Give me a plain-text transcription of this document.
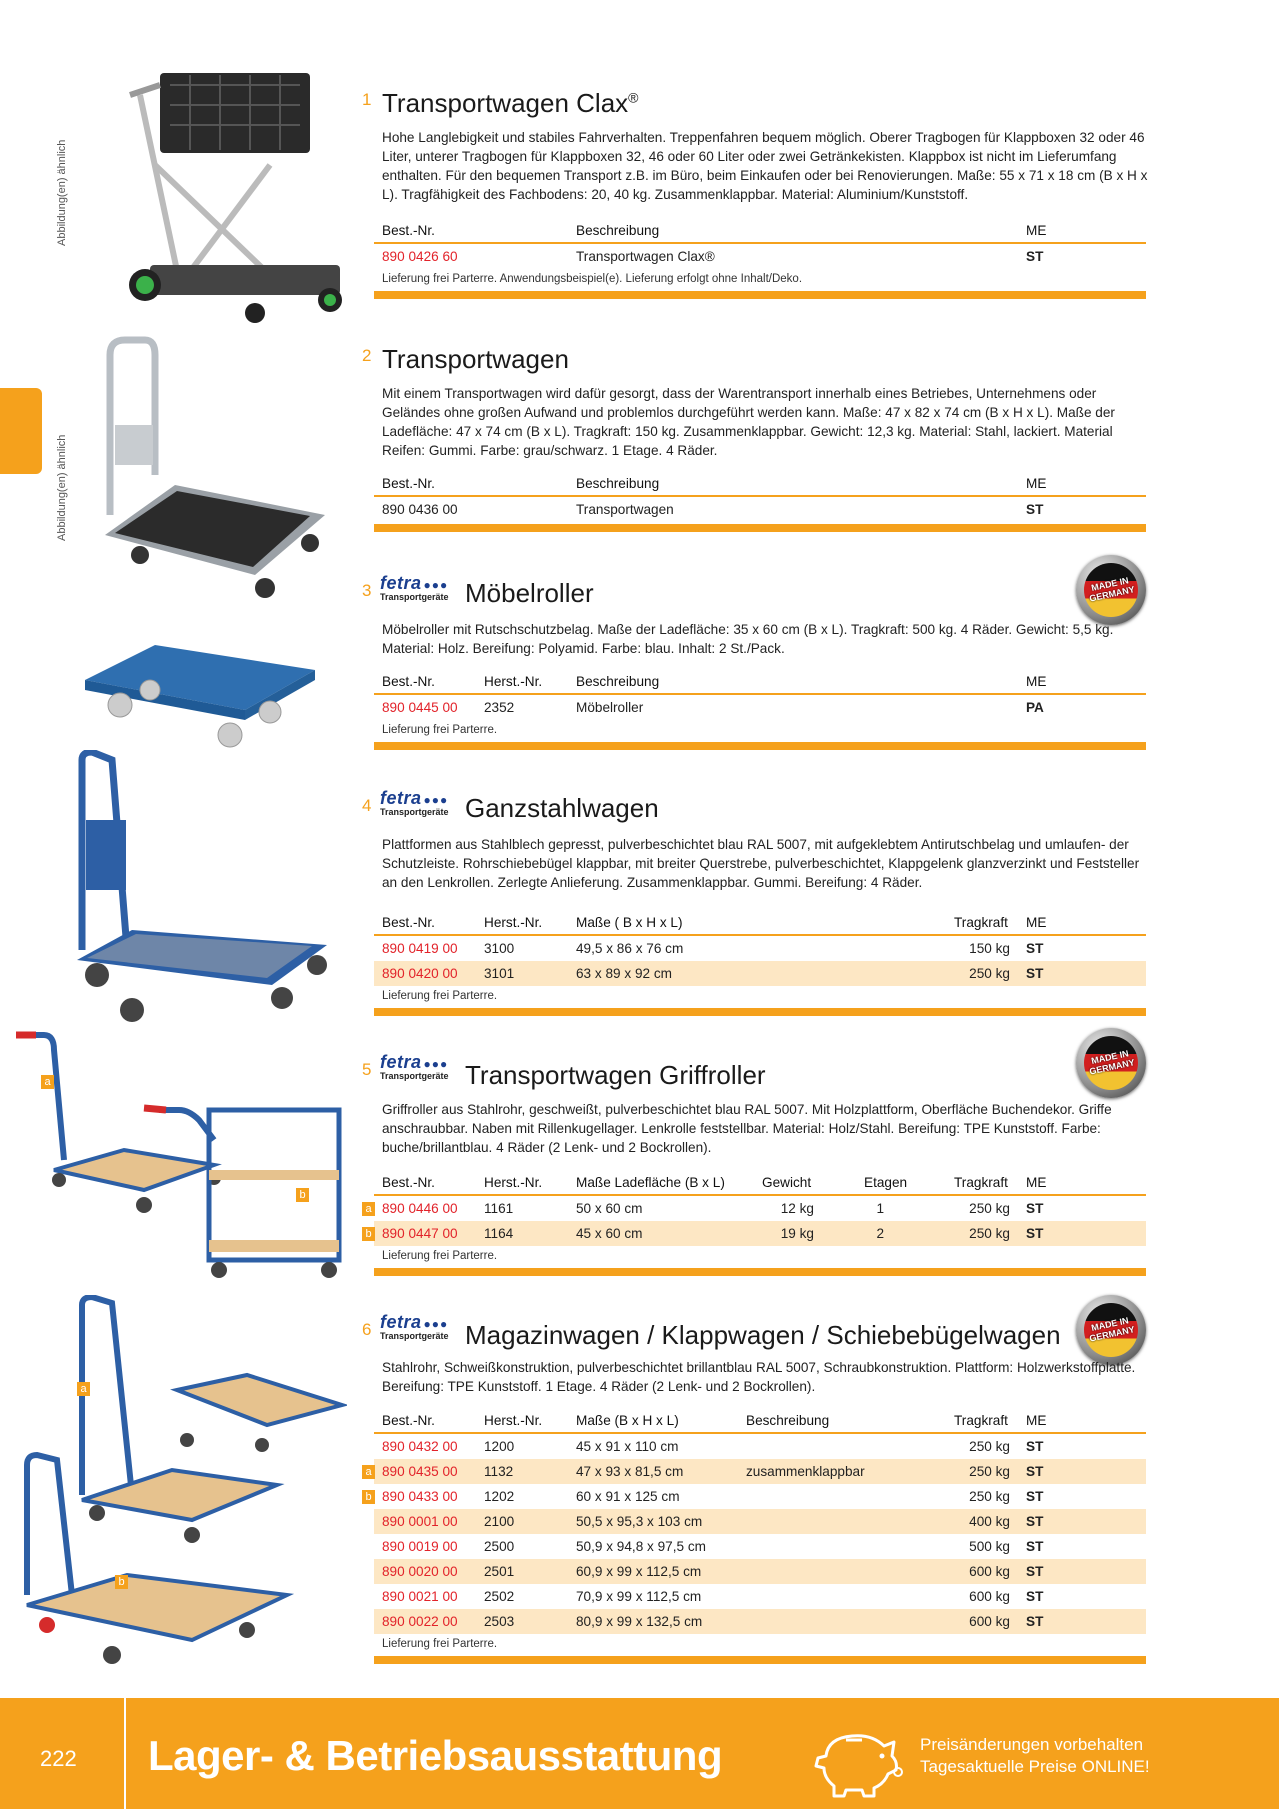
Abbildung(en) ähnlich
Abbildung(en) ähnlich
a
b
a
b
MADE IN GERMANY
MADE IN GERMANY
MADE IN GERMANY
1 Transportwagen Clax®
Hohe Langlebigkeit und stabiles Fahrverhalten. Treppenfahren bequem möglich. Oberer Tragbogen für Klappboxen 32 oder 46 Liter, unterer Tragbogen für Klappboxen 32, 46 oder 60 Liter oder zwei Getränkekisten. Klappbox ist nicht im Lieferumfang enthalten. Für den bequemen Transport z.B. im Büro, beim Einkaufen oder bei Renovierungen. Maße: 55 x 71 x 18 cm (B x H x L). Tragfähigkeit des Fachbodens: 20, 40 kg. Zusammenklappbar. Material: Aluminium/Kunststoff.
Best.-Nr.	Beschreibung	ME
890 0426 60	Transportwagen Clax®	ST
Lieferung frei Parterre. Anwendungsbeispiel(e). Lieferung erfolgt ohne Inhalt/Deko.
2 Transportwagen
Mit einem Transportwagen wird dafür gesorgt, dass der Warentransport innerhalb eines Betriebes, Unternehmens oder Geländes ohne großen Aufwand und problemlos durchgeführt werden kann. Maße: 47 x 82 x 74 cm (B x H x L). Maße der Ladefläche: 47 x 74 cm (B x L). Tragkraft: 150 kg. Zusammenklappbar. Gewicht: 12,3 kg. Material: Stahl, lackiert. Material Reifen: Gummi. Farbe: grau/schwarz. 1 Etage. 4 Räder.
Best.-Nr.	Beschreibung	ME
890 0436 00	Transportwagen	ST
3 fetra ●●●
Transportgeräte Möbelroller
Möbelroller mit Rutschschutzbelag. Maße der Ladefläche: 35 x 60 cm (B x L). Tragkraft: 500 kg. 4 Räder. Gewicht: 5,5 kg. Material: Holz. Bereifung: Polyamid. Farbe: blau. Inhalt: 2 St./Pack.
Best.-Nr.	Herst.-Nr. Beschreibung	ME
890 0445 00 2352	Möbelroller	PA
Lieferung frei Parterre.
4 fetra ●●●
Transportgeräte Ganzstahlwagen
Plattformen aus Stahlblech gepresst, pulverbeschichtet blau RAL 5007, mit aufgeklebtem Antirutschbelag und umlaufen- der Schutzleiste. Rohrschiebebügel klappbar, mit breiter Querstrebe, pulverbeschichtet, Klappgelenk glanzverzinkt und Feststeller an den Lenkrollen. Zerlegte Anlieferung. Zusammenklappbar. Gummi. Bereifung: 4 Räder.
Best.-Nr.	Herst.-Nr. Maße ( B x H x L)	Tragkraft ME
890 0419 00 3100	49,5 x 86 x 76 cm	150 kg ST
890 0420 00 3101	63 x 89 x 92 cm	250 kg ST
Lieferung frei Parterre.
5 fetra ●●●
Transportgeräte Transportwagen Griffroller
Griffroller aus Stahlrohr, geschweißt, pulverbeschichtet blau RAL 5007. Mit Holzplattform, Oberfläche Buchendekor. Griffe anschraubbar. Naben mit Rillenkugellager. Lenkrolle feststellbar. Material: Holz/Stahl. Bereifung: TPE Kunststoff. Farbe: buche/brillantblau. 4 Räder (2 Lenk- und 2 Bockrollen).
Best.-Nr.	Herst.-Nr. Maße Ladefläche (B x L)	Gewicht	Etagen	Tragkraft ME
a 890 0446 00 1161	50 x 60 cm	12 kg	1	250 kg ST
b 890 0447 00 1164	45 x 60 cm	19 kg	2	250 kg ST
Lieferung frei Parterre.
6 fetra ●●●
Transportgeräte Magazinwagen / Klappwagen / Schiebebügelwagen
Stahlrohr, Schweißkonstruktion, pulverbeschichtet brillantblau RAL 5007, Schraubkonstruktion. Plattform: Holzwerkstoffplatte. Bereifung: TPE Kunststoff. 1 Etage. 4 Räder (2 Lenk- und 2 Bockrollen).
Best.-Nr.	Herst.-Nr. Maße (B x H x L)	Beschreibung	Tragkraft ME
890 0432 00 1200	45 x 91 x 110 cm	250 kg ST
a 890 0435 00 1132	47 x 93 x 81,5 cm	zusammenklappbar	250 kg ST
b 890 0433 00 1202	60 x 91 x 125 cm	250 kg ST
890 0001 00 2100	50,5 x 95,3 x 103 cm	400 kg ST
890 0019 00 2500	50,9 x 94,8 x 97,5 cm	500 kg ST
890 0020 00 2501	60,9 x 99 x 112,5 cm	600 kg ST
890 0021 00 2502	70,9 x 99 x 112,5 cm	600 kg ST
890 0022 00 2503	80,9 x 99 x 132,5 cm	600 kg ST
Lieferung frei Parterre.
222 Lager- & Betriebsausstattung	Preisänderungen vorbehalten
Tagesaktuelle Preise ONLINE!
